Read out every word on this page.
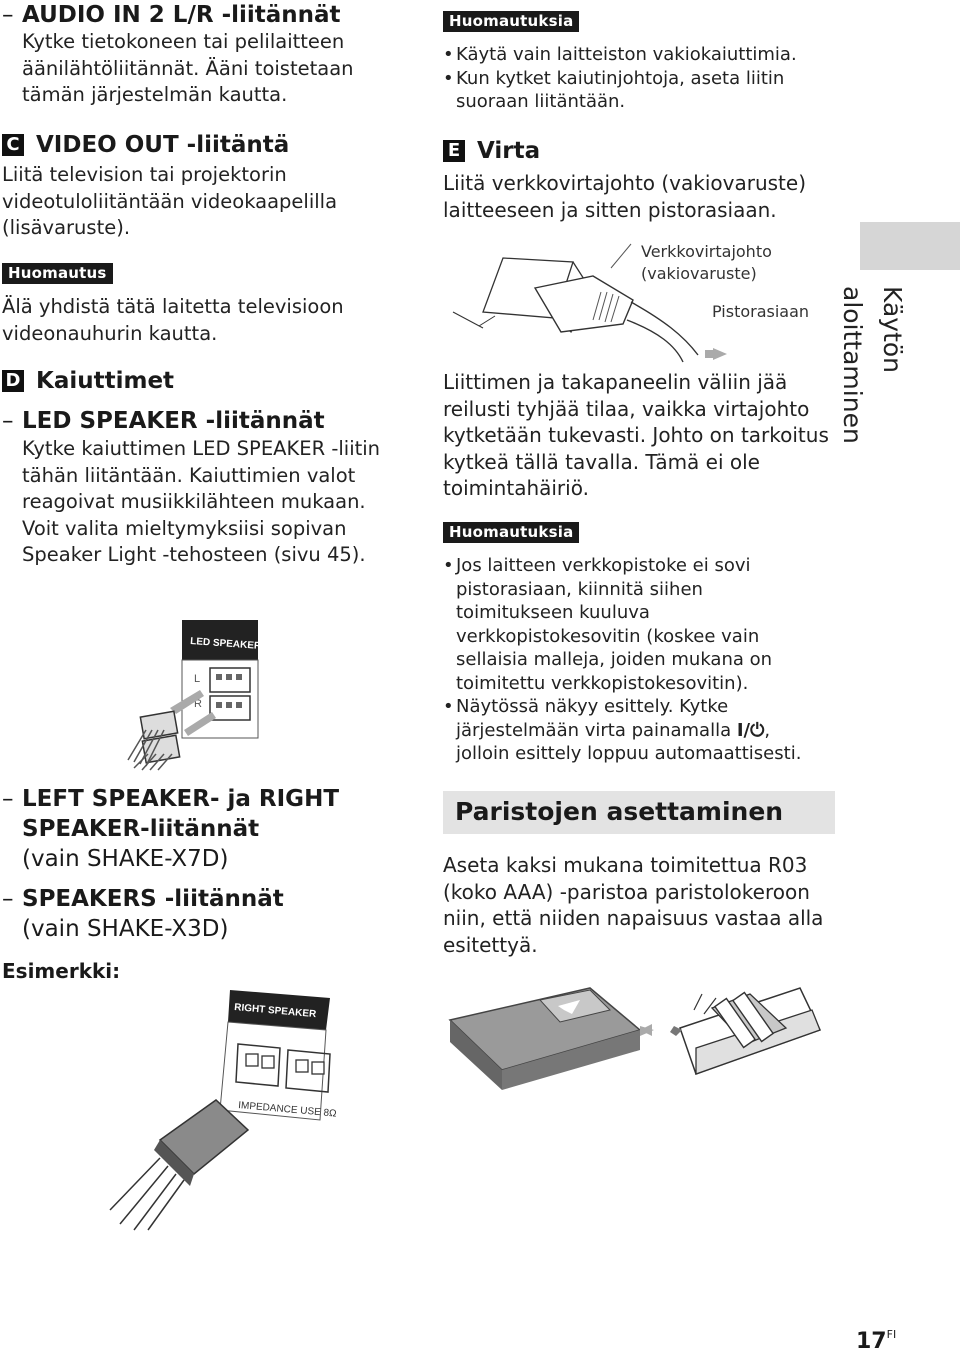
– AUDIO IN 2 L/R -liitännät
Kytke tietokoneen tai pelilaitteen äänilähtöliitännät. Ääni toistetaan tämän järjestelmän kautta.
C VIDEO OUT -liitäntä
Liitä television tai projektorin videotuloliitäntään videokaapelilla (lisävaruste).
Huomautus
Älä yhdistä tätä laitetta televisioon videonauhurin kautta.
D Kaiuttimet
– LED SPEAKER -liitännät
Kytke kaiuttimen LED SPEAKER -liitin tähän liitäntään. Kaiuttimien valot reagoivat musiikkilähteen mukaan. Voit valita mieltymyksiisi sopivan Speaker Light -tehosteen (sivu 45).
LED SPEAKER
L
R
– LEFT SPEAKER- ja RIGHT
SPEAKER-liitännät
(vain SHAKE-X7D)
– SPEAKERS -liitännät
(vain SHAKE-X3D)
Esimerkki:
RIGHT SPEAKER
IMPEDANCE USE 8Ω
Huomautuksia
• Käytä vain laitteiston vakiokaiuttimia.
• Kun kytket kaiutinjohtoja, aseta liitin suoraan liitäntään.
E Virta
Liitä verkkovirtajohto (vakiovaruste) laitteeseen ja sitten pistorasiaan.
Verkkovirtajohto
(vakiovaruste)
Pistorasiaan
Liittimen ja takapaneelin väliin jää reilusti tyhjää tilaa, vaikka virtajohto kytketään tukevasti. Johto on tarkoitus kytkeä tällä tavalla. Tämä ei ole toimintahäiriö.
Huomautuksia
• Jos laitteen verkkopistoke ei sovi pistorasiaan, kiinnitä siihen toimitukseen kuuluva verkkopistokesovitin (koskee vain sellaisia malleja, joiden mukana on toimitettu verkkopistokesovitin).
• Näytössä näkyy esittely. Kytke järjestelmään virta painamalla I/⏻, jolloin esittely loppuu automaattisesti.
Paristojen asettaminen
Aseta kaksi mukana toimitettua R03 (koko AAA) -paristoa paristolokeroon niin, että niiden napaisuus vastaa alla esitettyä.
Käytön aloittaminen
$17^{FI}$
